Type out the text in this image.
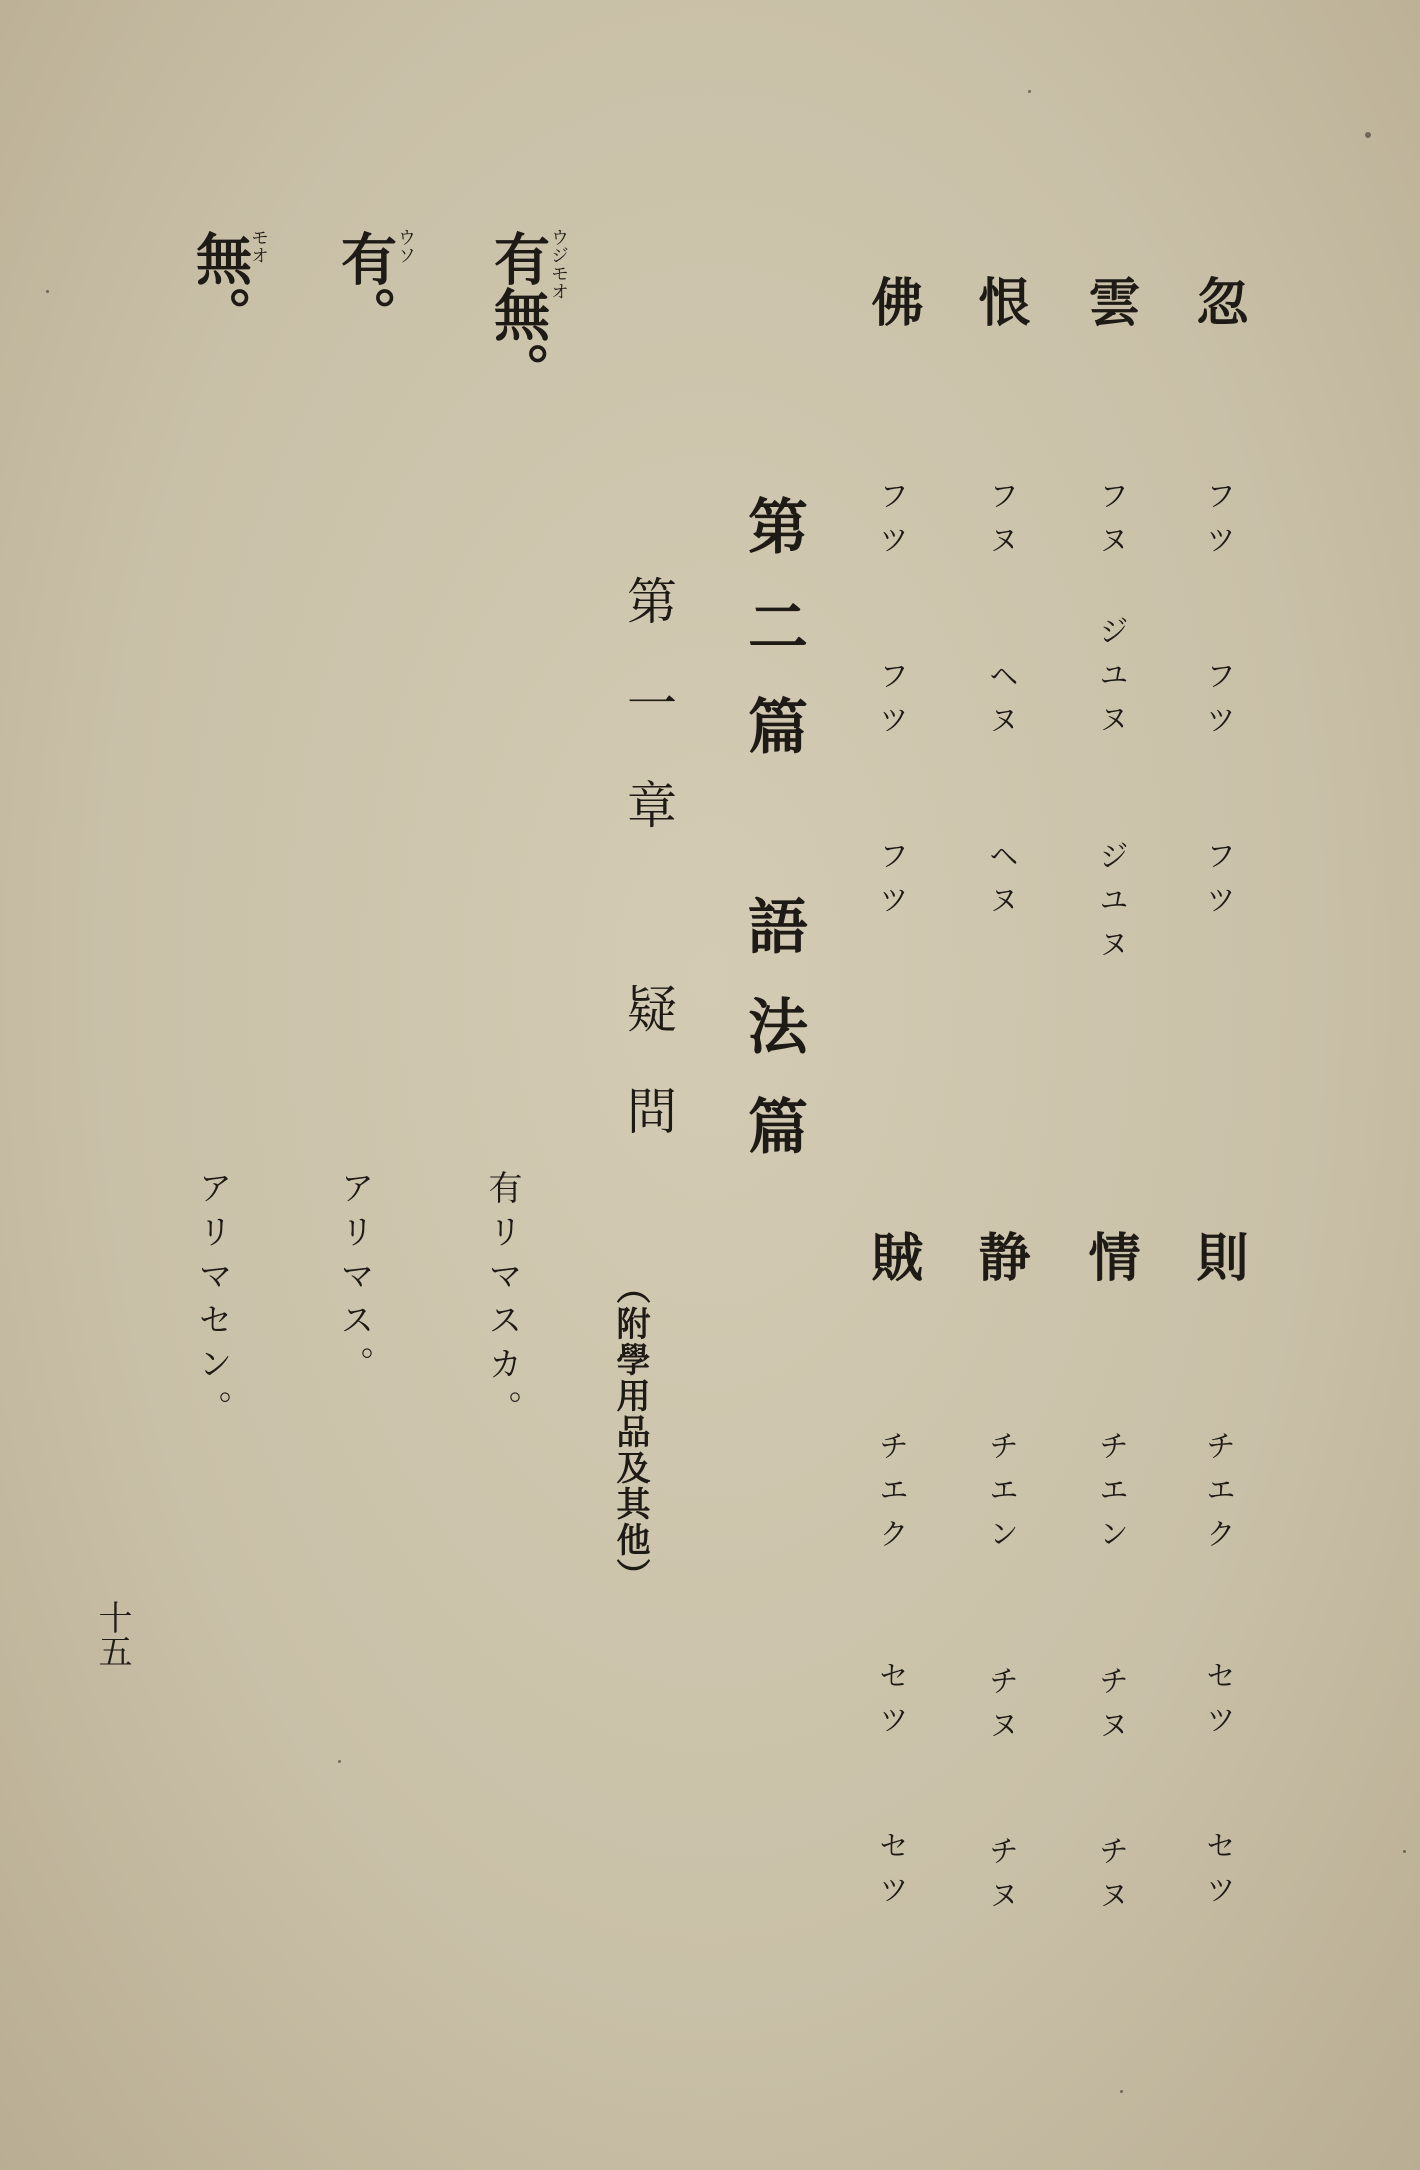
忽
雲
恨
佛
フツ
フツ
フツ
フヌ
ジユヌ
ジユヌ
フヌ
ヘヌ
ヘヌ
フツ
フツ
フツ
則
情
静
賊
チエク
セツ
セツ
チエン
チヌ
チヌ
チエン
チヌ
チヌ
チエク
セツ
セツ
第二篇　語法篇
第一章　疑問
（附學用品及其他）
有無。
ウジモオ
有リマスカ。
有。
ウソ
アリマス。
無。
モオ
アリマセン。
十五
